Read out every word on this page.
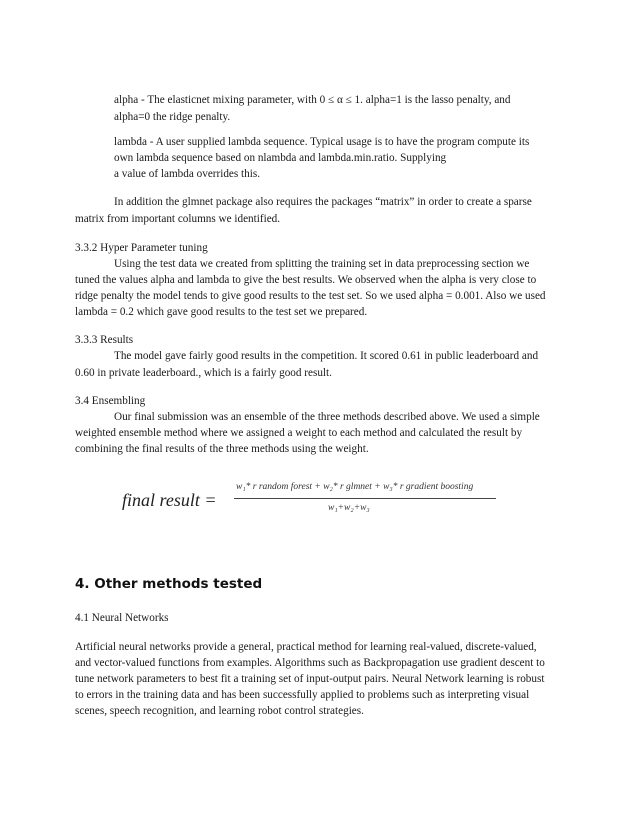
alpha - The elasticnet mixing parameter, with 0 ≤ α ≤ 1. alpha=1 is the lasso penalty, and
alpha=0 the ridge penalty.
lambda - A user supplied lambda sequence. Typical usage is to have the program compute its
own lambda sequence based on nlambda and lambda.min.ratio. Supplying
a value of lambda overrides this.
In addition the glmnet package also requires the packages “matrix” in order to create a sparse
matrix from important columns we identified.
3.3.2 Hyper Parameter tuning
Using the test data we created from splitting the training set in data preprocessing section we
tuned the values alpha and lambda to give the best results. We observed when the alpha is very close to
ridge penalty the model tends to give good results to the test set. So we used alpha = 0.001. Also we used
lambda = 0.2 which gave good results to the test set we prepared.
3.3.3 Results
The model gave fairly good results in the competition. It scored 0.61 in public leaderboard and
0.60 in private leaderboard., which is a fairly good result.
3.4 Ensembling
Our final submission was an ensemble of the three methods described above. We used a simple
weighted ensemble method where we assigned a weight to each method and calculated the result by
combining the final results of the three methods using the weight.
final result =
w₁* r random forest + w₂* r glmnet + w₃* r gradient boosting
w₁+w₂+w₃
4. Other methods tested
4.1 Neural Networks
Artificial neural networks provide a general, practical method for learning real-valued, discrete-valued,
and vector-valued functions from examples. Algorithms such as Backpropagation use gradient descent to
tune network parameters to best fit a training set of input-output pairs. Neural Network learning is robust
to errors in the training data and has been successfully applied to problems such as interpreting visual
scenes, speech recognition, and learning robot control strategies.
